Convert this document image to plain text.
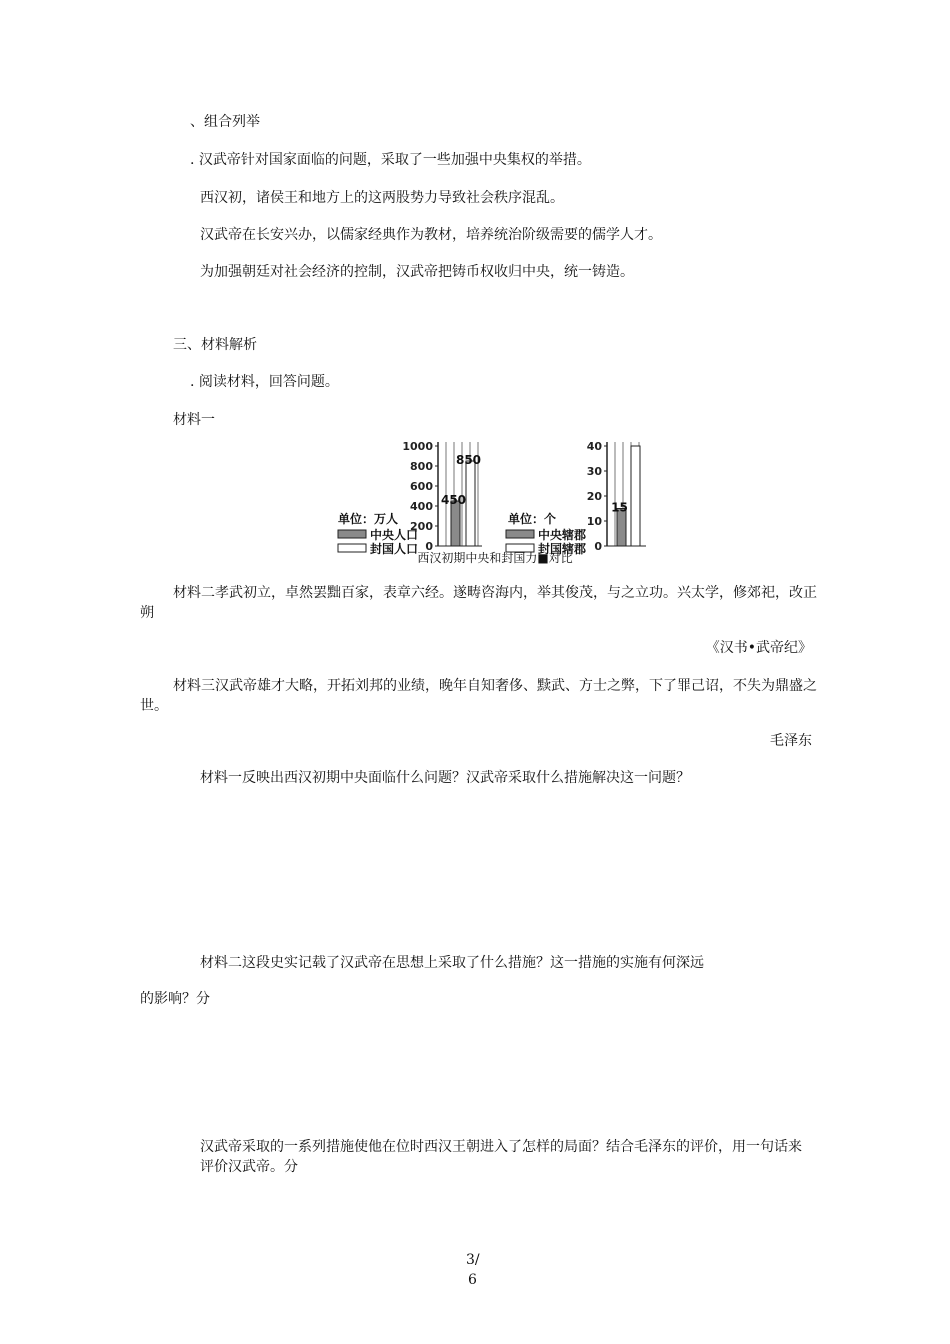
、组合列举
. 汉武帝针对国家面临的问题，采取了一些加强中央集权的举措。
西汉初，诸侯王和地方上的这两股势力导致社会秩序混乱。
汉武帝在长安兴办，以儒家经典作为教材，培养统治阶级需要的儒学人才。
为加强朝廷对社会经济的控制，汉武帝把铸币权收归中央，统一铸造。
三、材料解析
. 阅读材料，回答问题。
材料一
1000
800
600
400
200
0
450
850
单位：万人
中央人口
封国人口
40
30
20
10
0
15
单位：个
中央辖郡
封国辖郡
西汉初期中央和封国力■对比
材料二孝武初立，卓然罢黜百家，表章六经。遂畴咨海内，举其俊茂，与之立功。兴太学，修郊祀，改正朔
《汉书•武帝纪》
材料三汉武帝雄才大略，开拓刘邦的业绩，晚年自知奢侈、黩武、方士之弊，下了罪己诏，不失为鼎盛之世。
毛泽东
材料一反映出西汉初期中央面临什么问题？汉武帝采取什么措施解决这一问题？
材料二这段史实记载了汉武帝在思想上采取了什么措施？这一措施的实施有何深远
的影响？分
汉武帝采取的一系列措施使他在位时西汉王朝进入了怎样的局面？结合毛泽东的评价，用一句话来评价汉武帝。分
3/
6
